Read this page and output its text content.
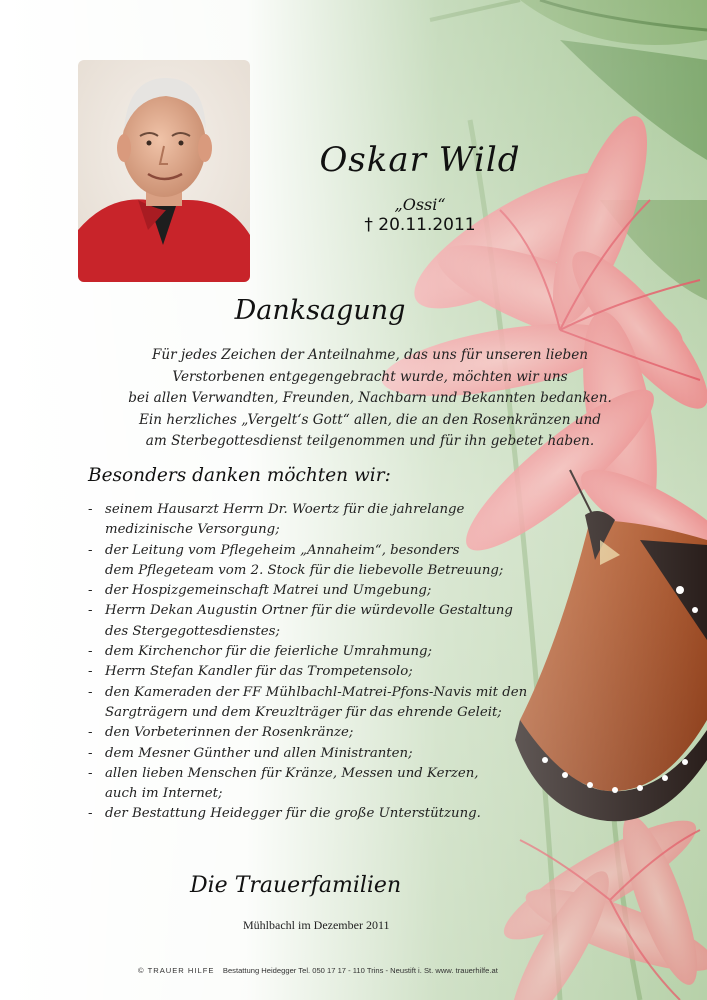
Oskar Wild
„Ossi“
† 20.11.2011
Danksagung
Für jedes Zeichen der Anteilnahme, das uns für unseren lieben
Verstorbenen entgegengebracht wurde, möchten wir uns
bei allen Verwandten, Freunden, Nachbarn und Bekannten bedanken.
Ein herzliches „Vergelt‘s Gott“ allen, die an den Rosenkränzen und
am Sterbegottesdienst teilgenommen und für ihn gebetet haben.
Besonders danken möchten wir:
- seinem Hausarzt Herrn Dr. Woertz für die jahrelange
medizinische Versorgung;
- der Leitung vom Pflegeheim „Annaheim“, besonders
dem Pflegeteam vom 2. Stock für die liebevolle Betreuung;
- der Hospizgemeinschaft Matrei und Umgebung;
- Herrn Dekan Augustin Ortner für die würdevolle Gestaltung
des Stergegottesdienstes;
- dem Kirchenchor für die feierliche Umrahmung;
- Herrn Stefan Kandler für das Trompetensolo;
- den Kameraden der FF Mühlbachl-Matrei-Pfons-Navis mit den
Sargträgern und dem Kreuzlträger für das ehrende Geleit;
- den Vorbeterinnen der Rosenkränze;
- dem Mesner Günther und allen Ministranten;
- allen lieben Menschen für Kränze, Messen und Kerzen,
auch im Internet;
- der Bestattung Heidegger für die große Unterstützung.
Die Trauerfamilien
Mühlbachl im Dezember 2011
© TRAUER HILFE Bestattung Heidegger Tel. 050 17 17 - 110 Trins - Neustift i. St. www. trauerhilfe.at
